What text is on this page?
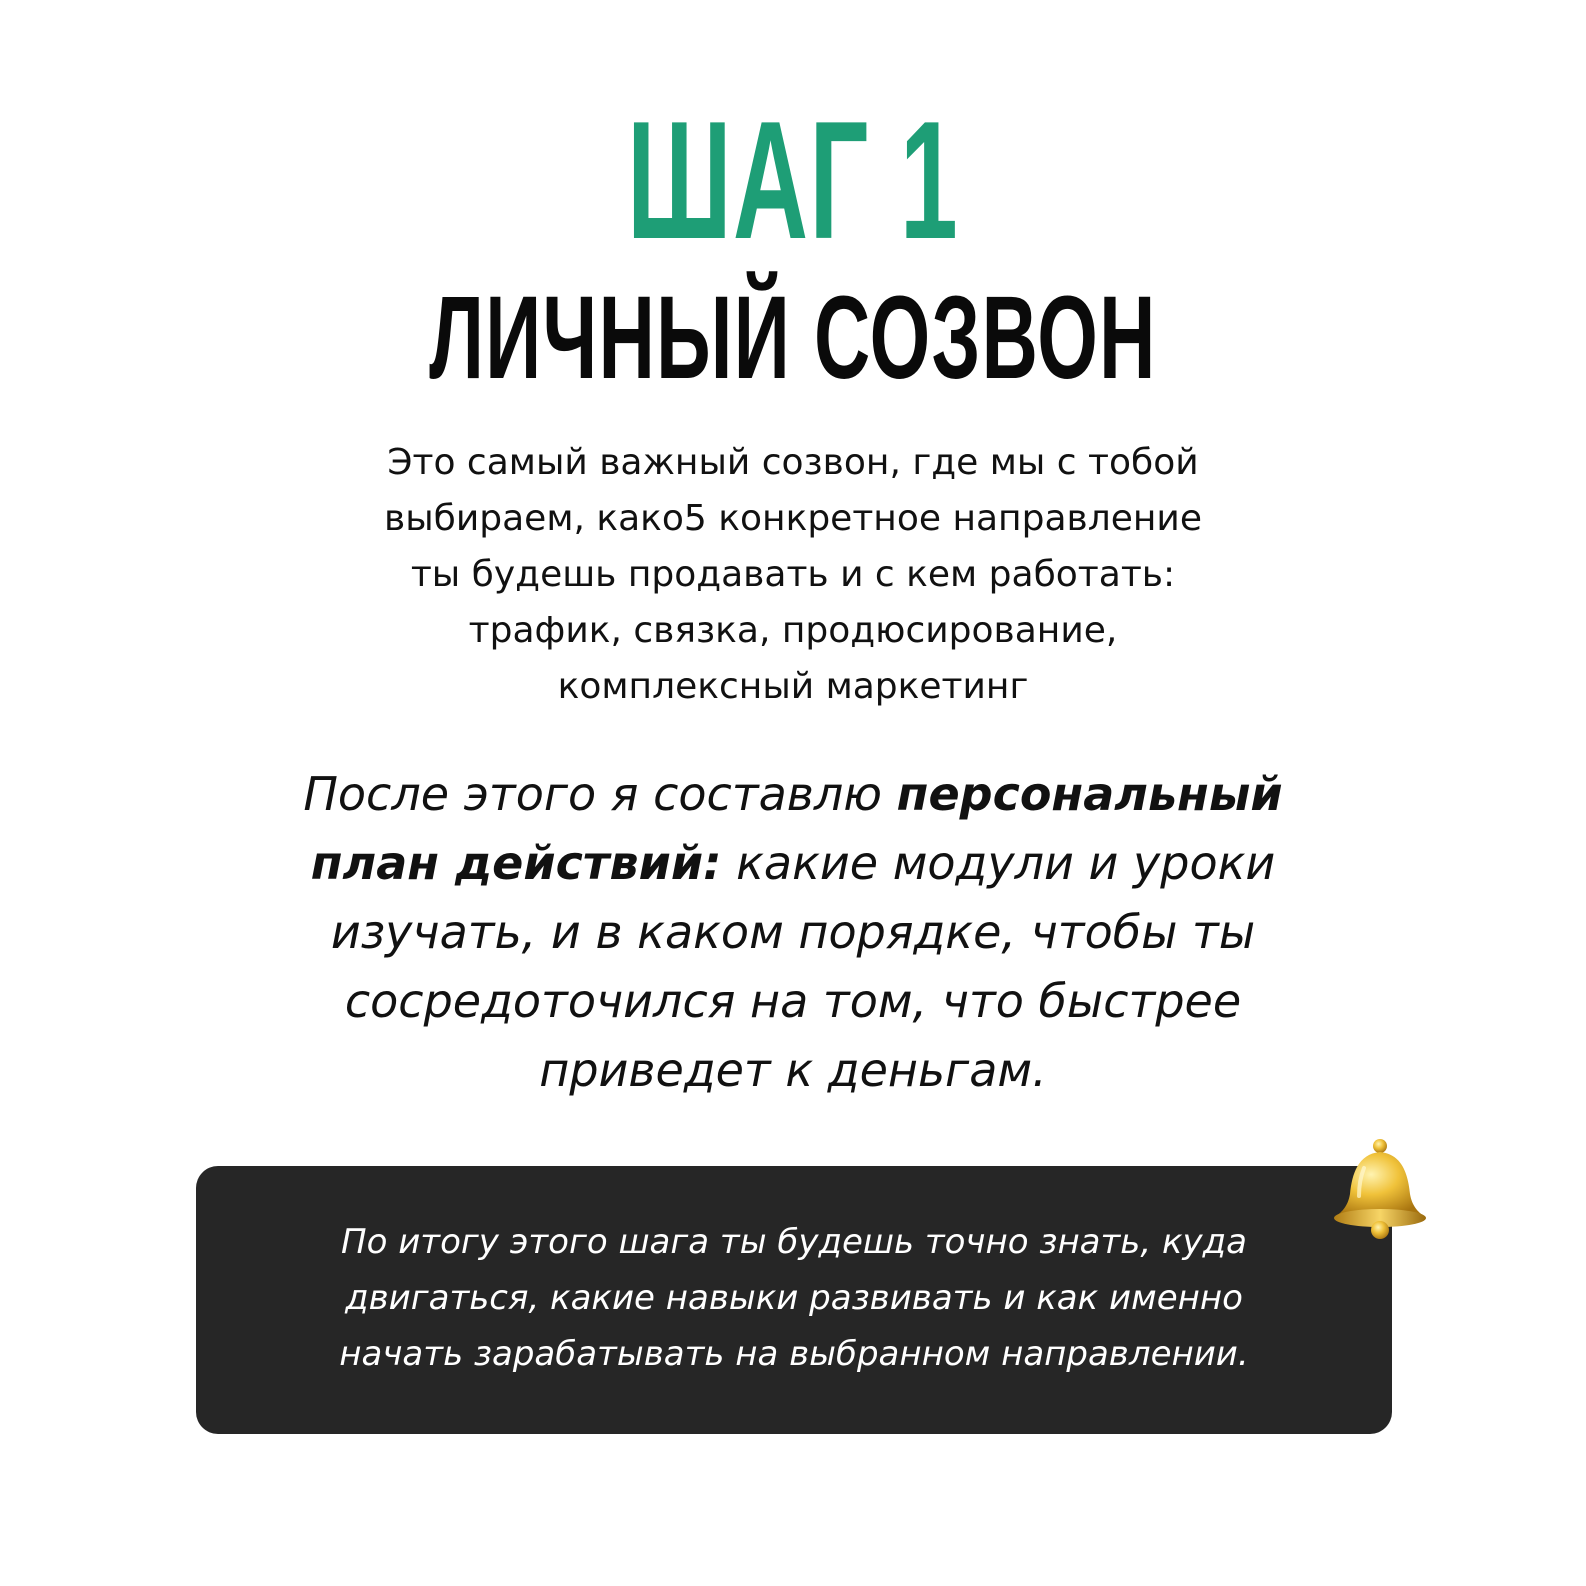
ШАГ 1
ЛИЧНЫЙ СОЗВОН
Это самый важный созвон, где мы с тобой
выбираем, како5 конкретное направление
ты будешь продавать и с кем работать:
трафик, связка, продюсирование,
комплексный маркетинг
После этого я составлю персональный
план действий: какие модули и уроки
изучать, и в каком порядке, чтобы ты
сосредоточился на том, что быстрее
приведет к деньгам.
По итогу этого шага ты будешь точно знать, куда
двигаться, какие навыки развивать и как именно
начать зарабатывать на выбранном направлении.
